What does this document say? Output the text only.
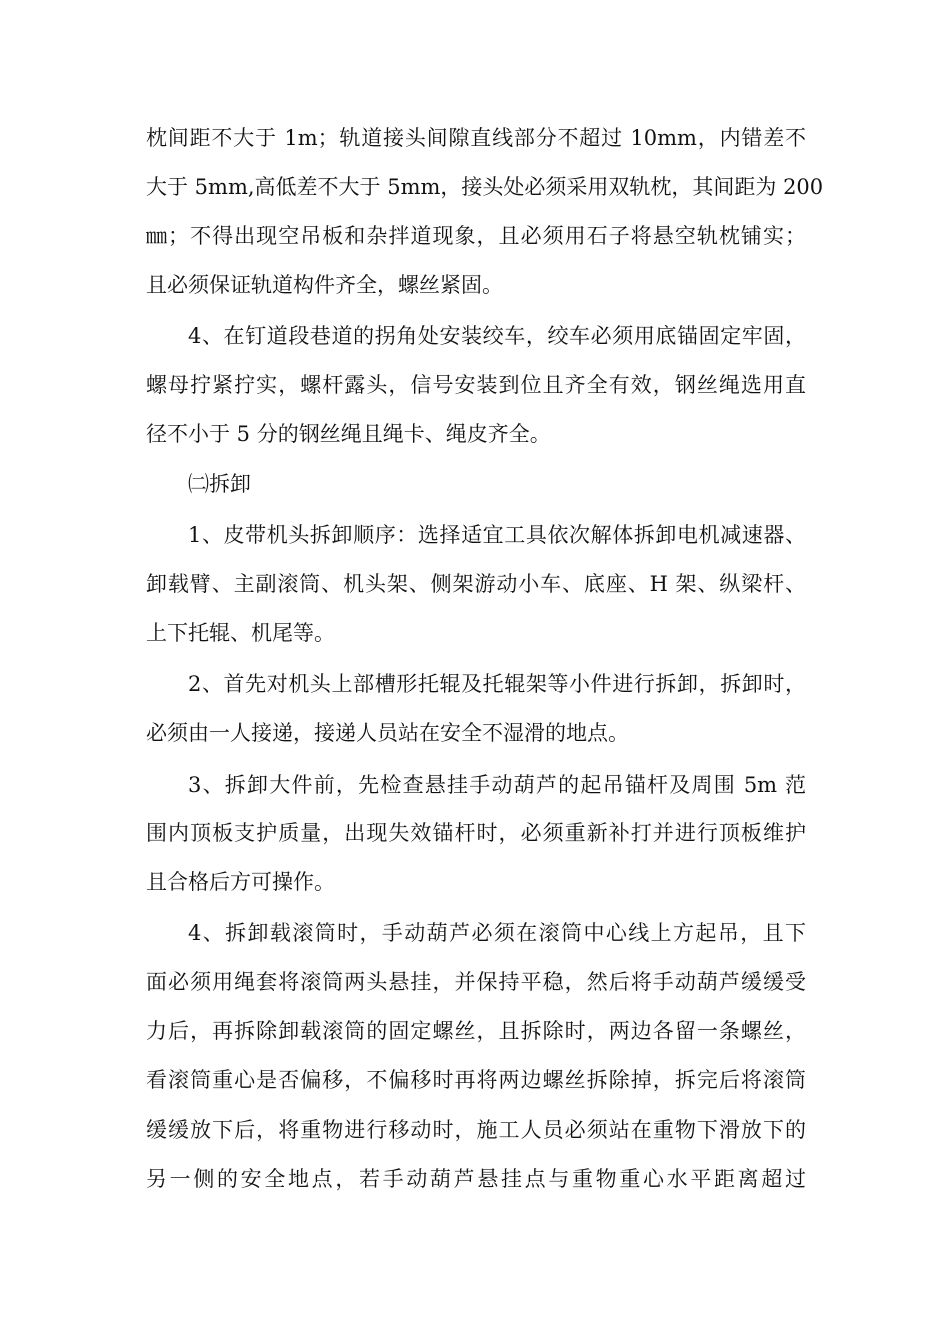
枕间距不大于 1m；轨道接头间隙直线部分不超过 10mm，内错差不
大于 5mm,高低差不大于 5mm，接头处必须采用双轨枕，其间距为 200
㎜；不得出现空吊板和杂拌道现象，且必须用石子将悬空轨枕铺实；
且必须保证轨道构件齐全，螺丝紧固。
4、在钉道段巷道的拐角处安装绞车，绞车必须用底锚固定牢固，
螺母拧紧拧实，螺杆露头，信号安装到位且齐全有效，钢丝绳选用直
径不小于 5 分的钢丝绳且绳卡、绳皮齐全。
㈡拆卸
1、皮带机头拆卸顺序：选择适宜工具依次解体拆卸电机减速器、
卸载臂、主副滚筒、机头架、侧架游动小车、底座、H 架、纵梁杆、
上下托辊、机尾等。
2、首先对机头上部槽形托辊及托辊架等小件进行拆卸，拆卸时，
必须由一人接递，接递人员站在安全不湿滑的地点。
3、拆卸大件前，先检查悬挂手动葫芦的起吊锚杆及周围 5m 范
围内顶板支护质量，出现失效锚杆时，必须重新补打并进行顶板维护
且合格后方可操作。
4、拆卸载滚筒时，手动葫芦必须在滚筒中心线上方起吊，且下
面必须用绳套将滚筒两头悬挂，并保持平稳，然后将手动葫芦缓缓受
力后，再拆除卸载滚筒的固定螺丝，且拆除时，两边各留一条螺丝，
看滚筒重心是否偏移，不偏移时再将两边螺丝拆除掉，拆完后将滚筒
缓缓放下后，将重物进行移动时，施工人员必须站在重物下滑放下的
另一侧的安全地点，若手动葫芦悬挂点与重物重心水平距离超过
